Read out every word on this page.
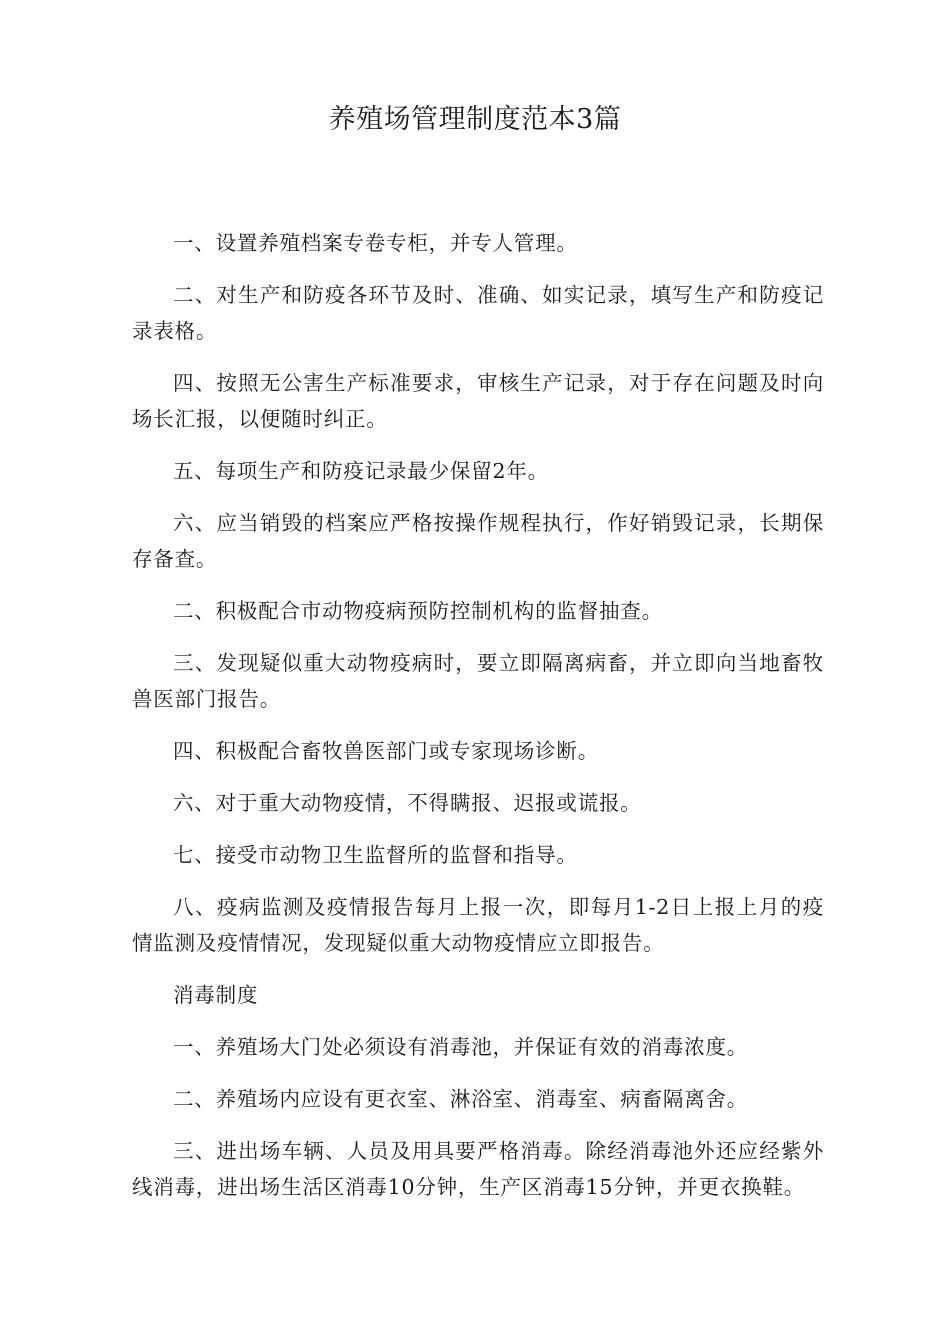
养殖场管理制度范本3篇

一、设置养殖档案专卷专柜，并专人管理。

二、对生产和防疫各环节及时、准确、如实记录，填写生产和防疫记录表格。

四、按照无公害生产标准要求，审核生产记录，对于存在问题及时向场长汇报，以便随时纠正。

五、每项生产和防疫记录最少保留2年。

六、应当销毁的档案应严格按操作规程执行，作好销毁记录，长期保存备查。

二、积极配合市动物疫病预防控制机构的监督抽查。

三、发现疑似重大动物疫病时，要立即隔离病畜，并立即向当地畜牧兽医部门报告。

四、积极配合畜牧兽医部门或专家现场诊断。

六、对于重大动物疫情，不得瞒报、迟报或谎报。

七、接受市动物卫生监督所的监督和指导。

八、疫病监测及疫情报告每月上报一次，即每月1-2日上报上月的疫情监测及疫情情况，发现疑似重大动物疫情应立即报告。

消毒制度

一、养殖场大门处必须设有消毒池，并保证有效的消毒浓度。

二、养殖场内应设有更衣室、淋浴室、消毒室、病畜隔离舍。

三、进出场车辆、人员及用具要严格消毒。除经消毒池外还应经紫外线消毒，进出场生活区消毒10分钟，生产区消毒15分钟，并更衣换鞋。
